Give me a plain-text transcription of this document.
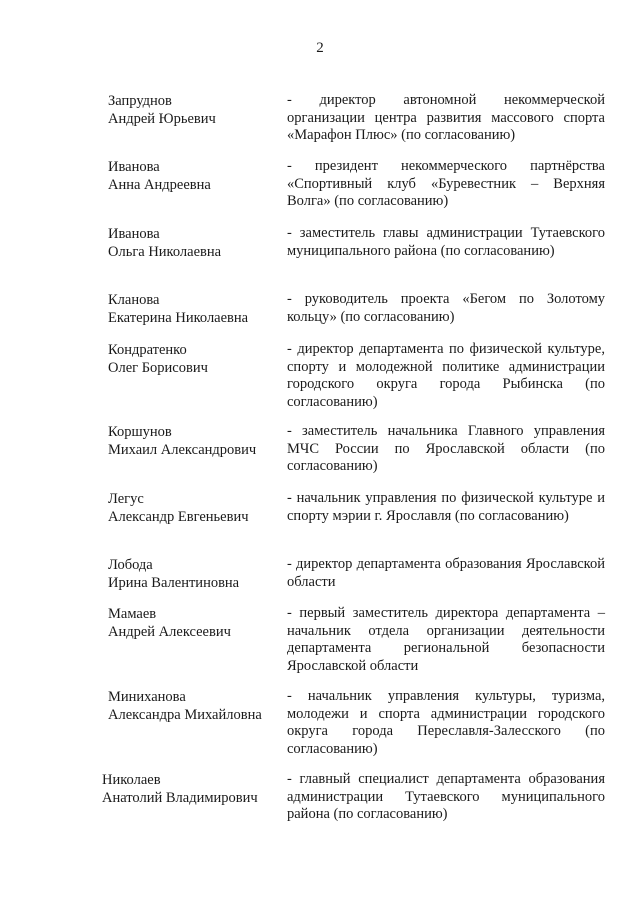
2
Запруднов
Андрей Юрьевич
- директор автономной некоммерческой организации центра развития массового спорта «Марафон Плюс» (по согласованию)
Иванова
Анна Андреевна
- президент некоммерческого партнёрства «Спортивный клуб «Буревестник – Верхняя Волга» (по согласованию)
Иванова
Ольга Николаевна
- заместитель главы администрации Тутаевского муниципального района (по согласованию)
Кланова
Екатерина Николаевна
- руководитель проекта «Бегом по Золотому кольцу» (по согласованию)
Кондратенко
Олег Борисович
- директор департамента по физической культуре, спорту и молодежной политике администрации городского округа города Рыбинска (по согласованию)
Коршунов
Михаил Александрович
- заместитель начальника Главного управления МЧС России по Ярославской области (по согласованию)
Легус
Александр Евгеньевич
- начальник управления по физической культуре и спорту мэрии г. Ярославля (по согласованию)
Лобода
Ирина Валентиновна
- директор департамента образования Ярославской области
Мамаев
Андрей Алексеевич
- первый заместитель директора департамента – начальник отдела организации деятельности департамента региональной безопасности Ярославской области
Миниханова
Александра Михайловна
- начальник управления культуры, туризма, молодежи и спорта администрации городского округа города Переславля-Залесского (по согласованию)
Николаев
Анатолий Владимирович
- главный специалист департамента образования администрации Тутаевского муниципального района (по согласованию)
